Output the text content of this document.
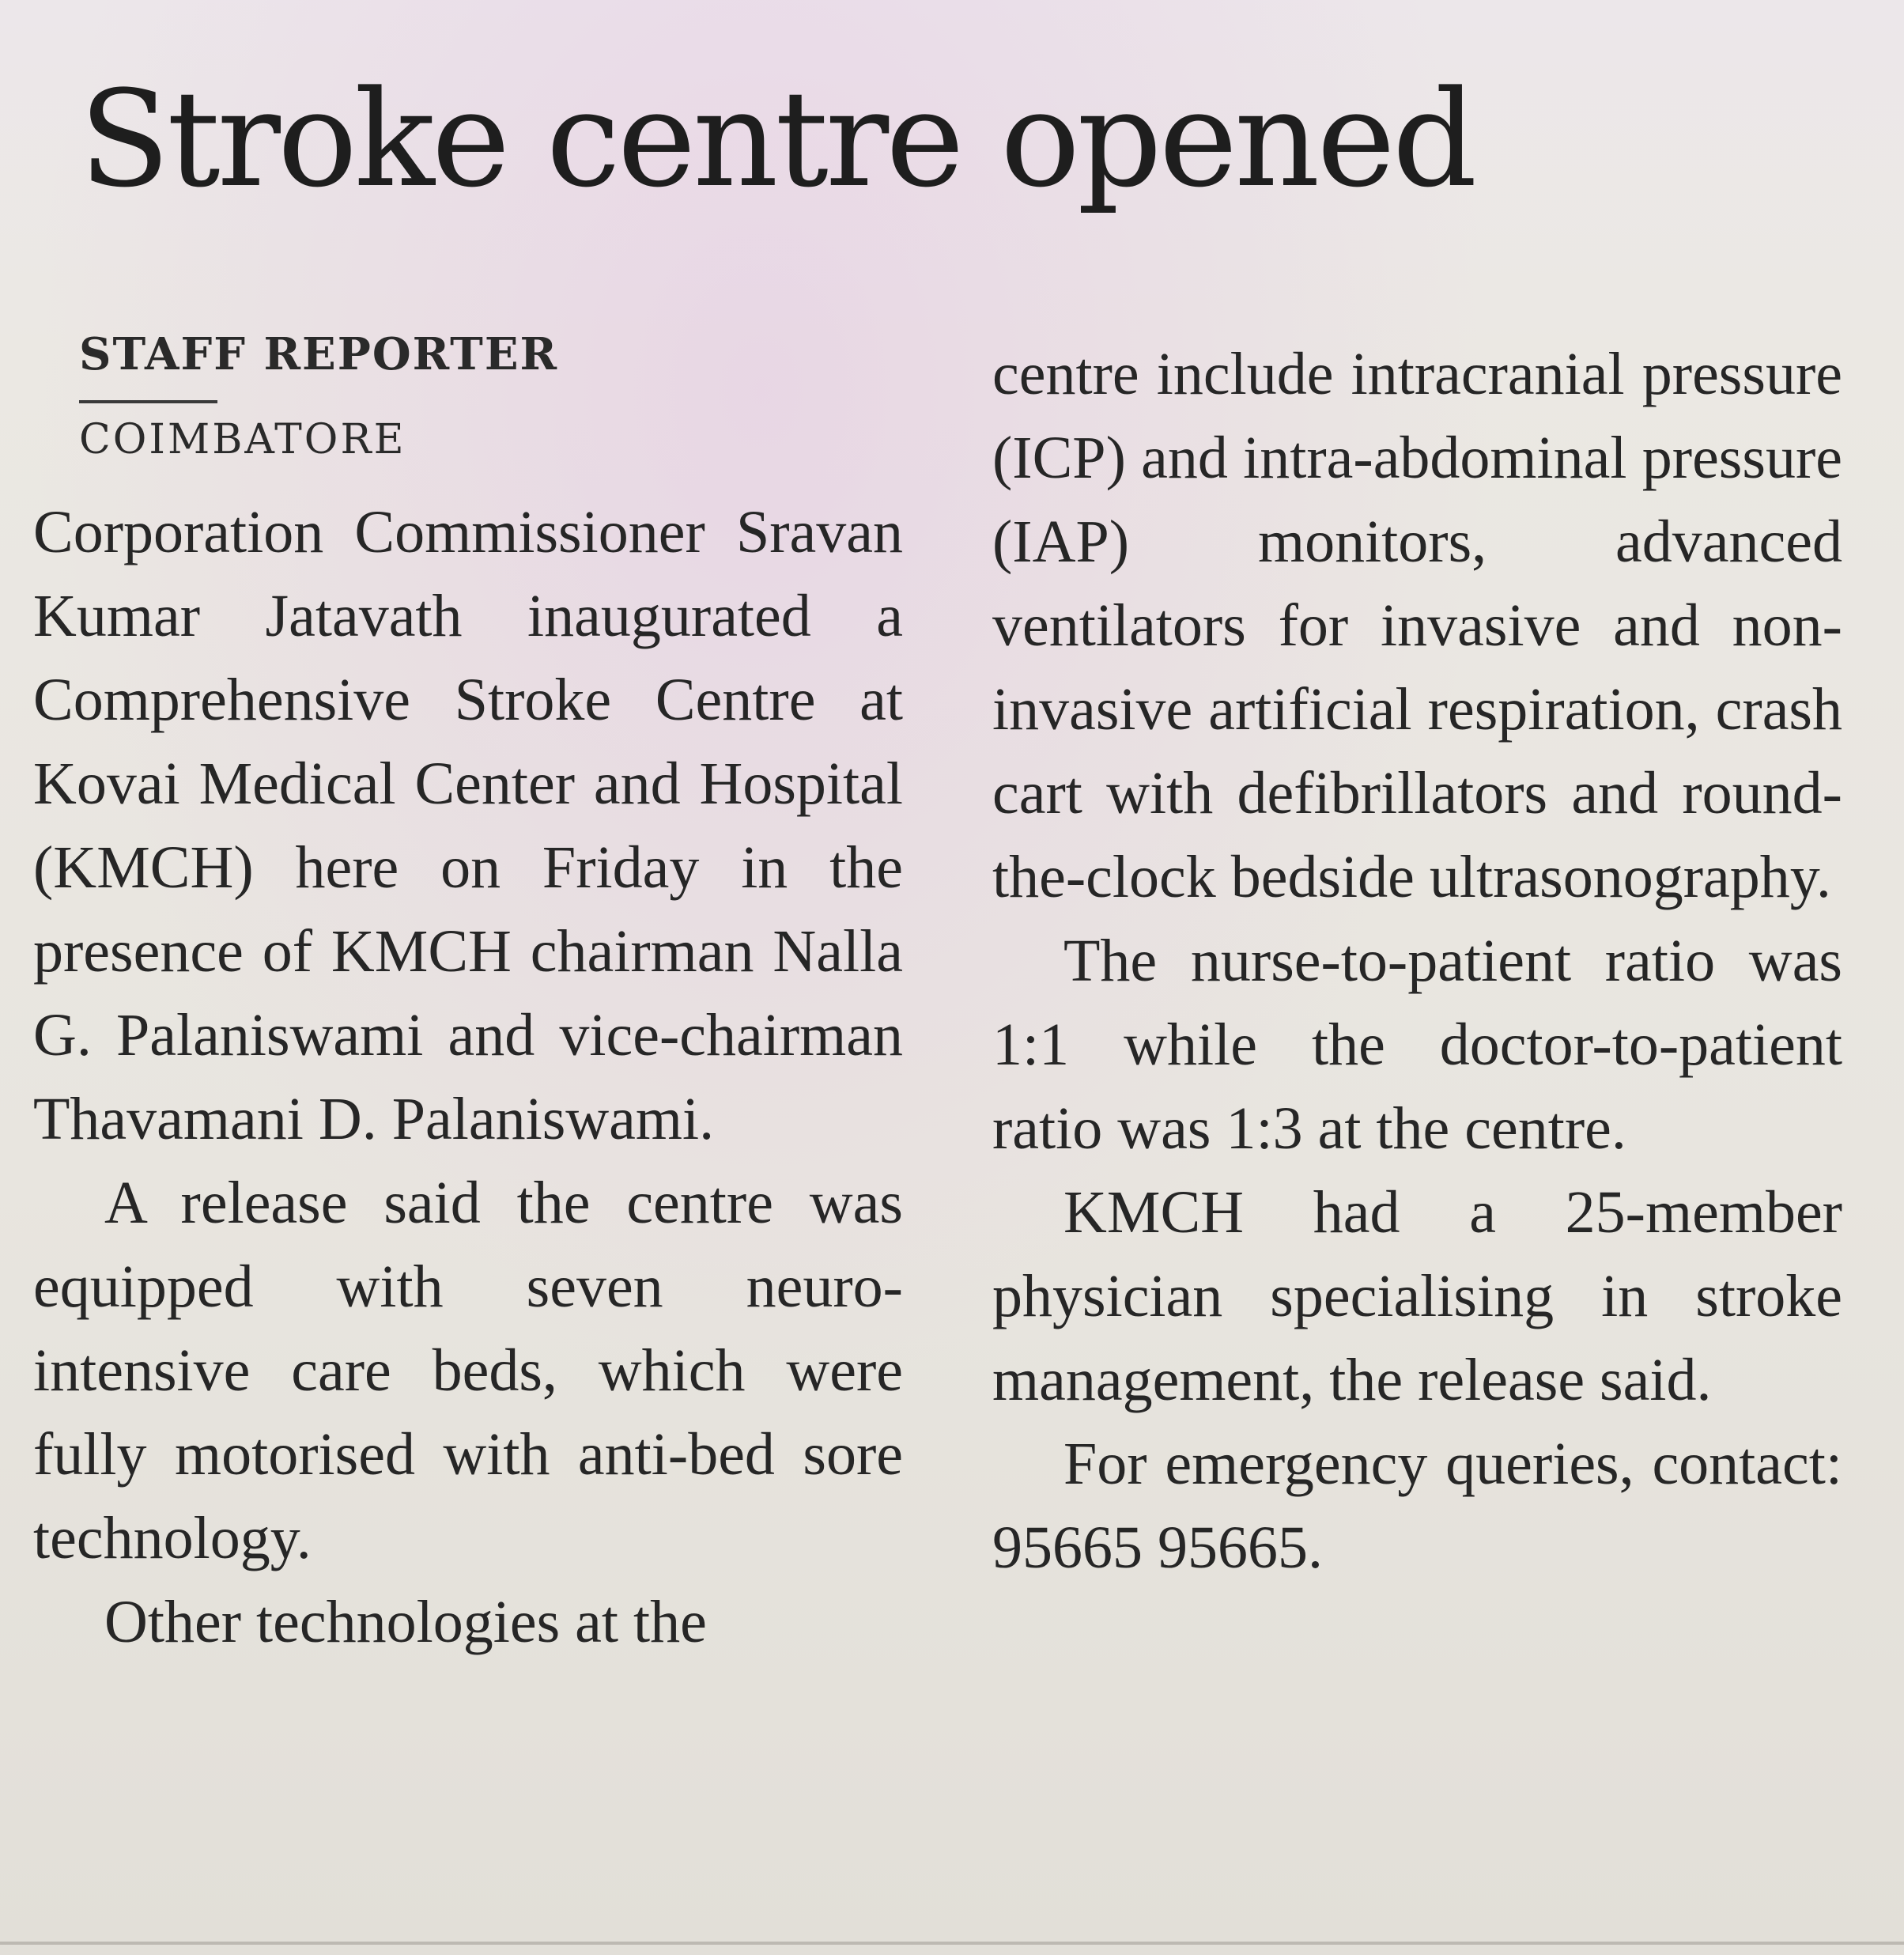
Stroke centre opened
STAFF REPORTER
COIMBATORE

Corporation Commissioner Sravan Kumar Jatavath inaugurated a Comprehensive Stroke Centre at Kovai Medical Center and Hospital (KMCH) here on Friday in the presence of KMCH chairman Nalla G. Palaniswami and vice-chairman Thavamani D. Palaniswami.

A release said the centre was equipped with seven neuro-intensive care beds, which were fully motorised with anti-bed sore technology.

Other technologies at the

centre include intracranial pressure (ICP) and intra-abdominal pressure (IAP) monitors, advanced ventilators for invasive and non-invasive artificial respiration, crash cart with defibrillators and round-the-clock bedside ultrasonography.

The nurse-to-patient ratio was 1:1 while the doctor-to-patient ratio was 1:3 at the centre.

KMCH had a 25-member physician specialising in stroke management, the release said.

For emergency queries, contact: 95665 95665.
